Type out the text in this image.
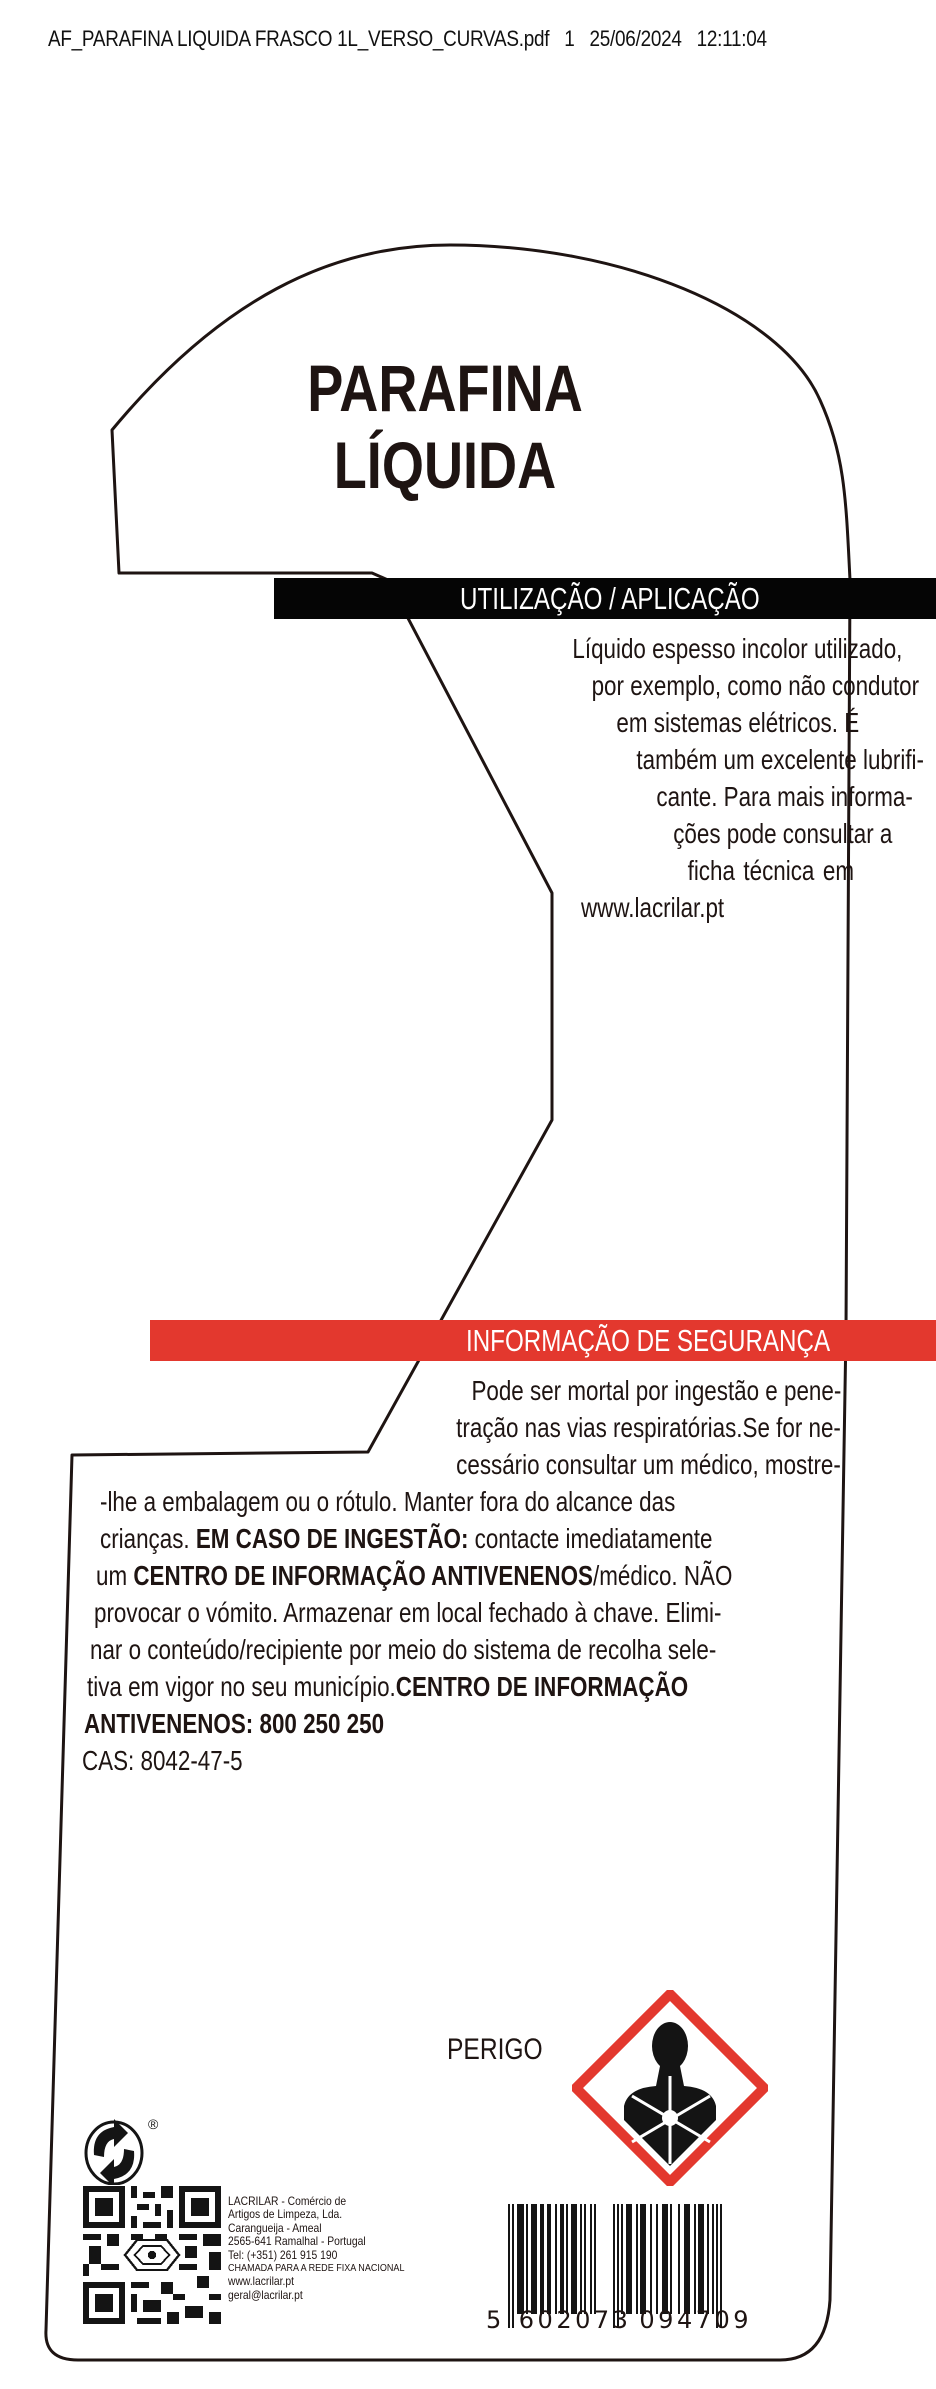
AF_PARAFINA LIQUIDA FRASCO 1L_VERSO_CURVAS.pdf   1   25/06/2024   12:11:04
PARAFINA
LÍQUIDA
UTILIZAÇÃO / APLICAÇÃO
Líquido espesso incolor utilizado,
por exemplo, como não condutor
em sistemas elétricos. É
também um excelente lubrifi-
cante. Para mais informa-
ções pode consultar a
ficha técnica em
www.lacrilar.pt
INFORMAÇÃO DE SEGURANÇA
Pode ser mortal por ingestão e pene-
tração nas vias respiratórias.Se for ne-
cessário consultar um médico, mostre-
-lhe a embalagem ou o rótulo. Manter fora do alcance das
crianças. EM CASO DE INGESTÃO: contacte imediatamente
um CENTRO DE INFORMAÇÃO ANTIVENENOS/médico. NÃO
provocar o vómito. Armazenar em local fechado à chave. Elimi-
nar o conteúdo/recipiente por meio do sistema de recolha sele-
tiva em vigor no seu município.CENTRO DE INFORMAÇÃO
ANTIVENENOS: 800 250 250
CAS: 8042-47-5
PERIGO
®
LACRILAR - Comércio de
Artigos de Limpeza, Lda.
Carangueija - Ameal
2565-641 Ramalhal - Portugal
Tel: (+351) 261 915 190
CHAMADA PARA A REDE FIXA NACIONAL
www.lacrilar.pt
geral@lacrilar.pt
5 602073 094709
